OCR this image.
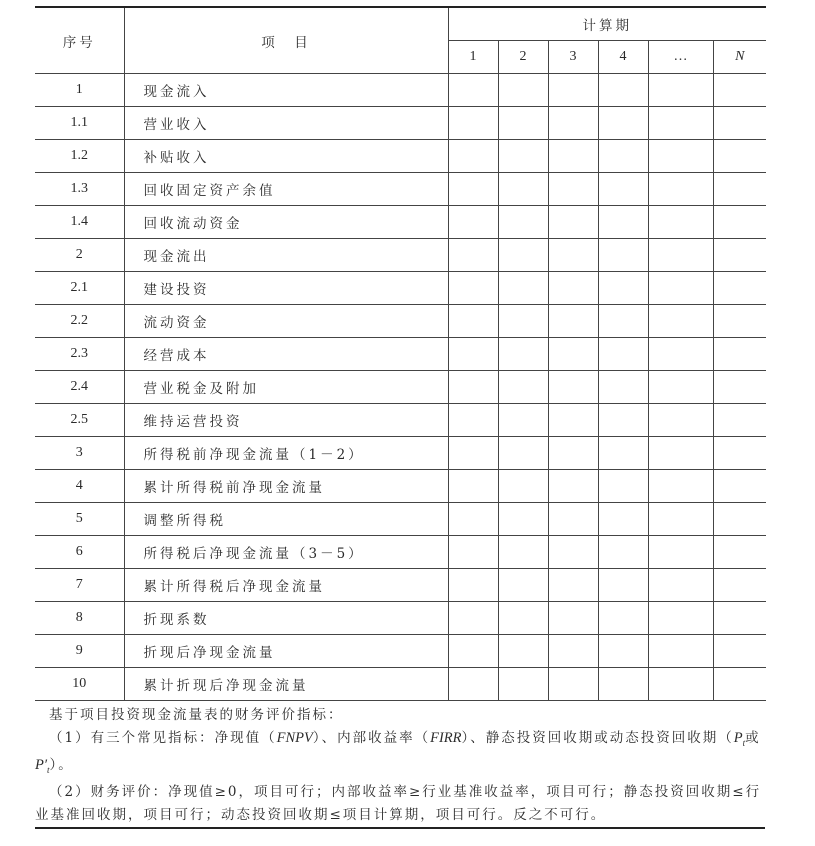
序号	项　目	计算期					
		1	2	3	4	…	N
1	现金流入						
1.1	营业收入						
1.2	补贴收入						
1.3	回收固定资产余值						
1.4	回收流动资金						
2	现金流出						
2.1	建设投资						
2.2	流动资金						
2.3	经营成本						
2.4	营业税金及附加						
2.5	维持运营投资						
3	所得税前净现金流量（1－2）						
4	累计所得税前净现金流量						
5	调整所得税						
6	所得税后净现金流量（3－5）						
7	累计所得税后净现金流量						
8	折现系数						
9	折现后净现金流量						
10	累计折现后净现金流量						

基于项目投资现金流量表的财务评价指标：

（1）有三个常见指标：净现值（FNPV）、内部收益率（FIRR）、静态投资回收期或动态投资回收期（$P_t$或$P'_t$）。

（2）财务评价：净现值≥0，项目可行；内部收益率≥行业基准收益率，项目可行；静态投资回收期≤行业基准回收期，项目可行；动态投资回收期≤项目计算期，项目可行。反之不可行。
